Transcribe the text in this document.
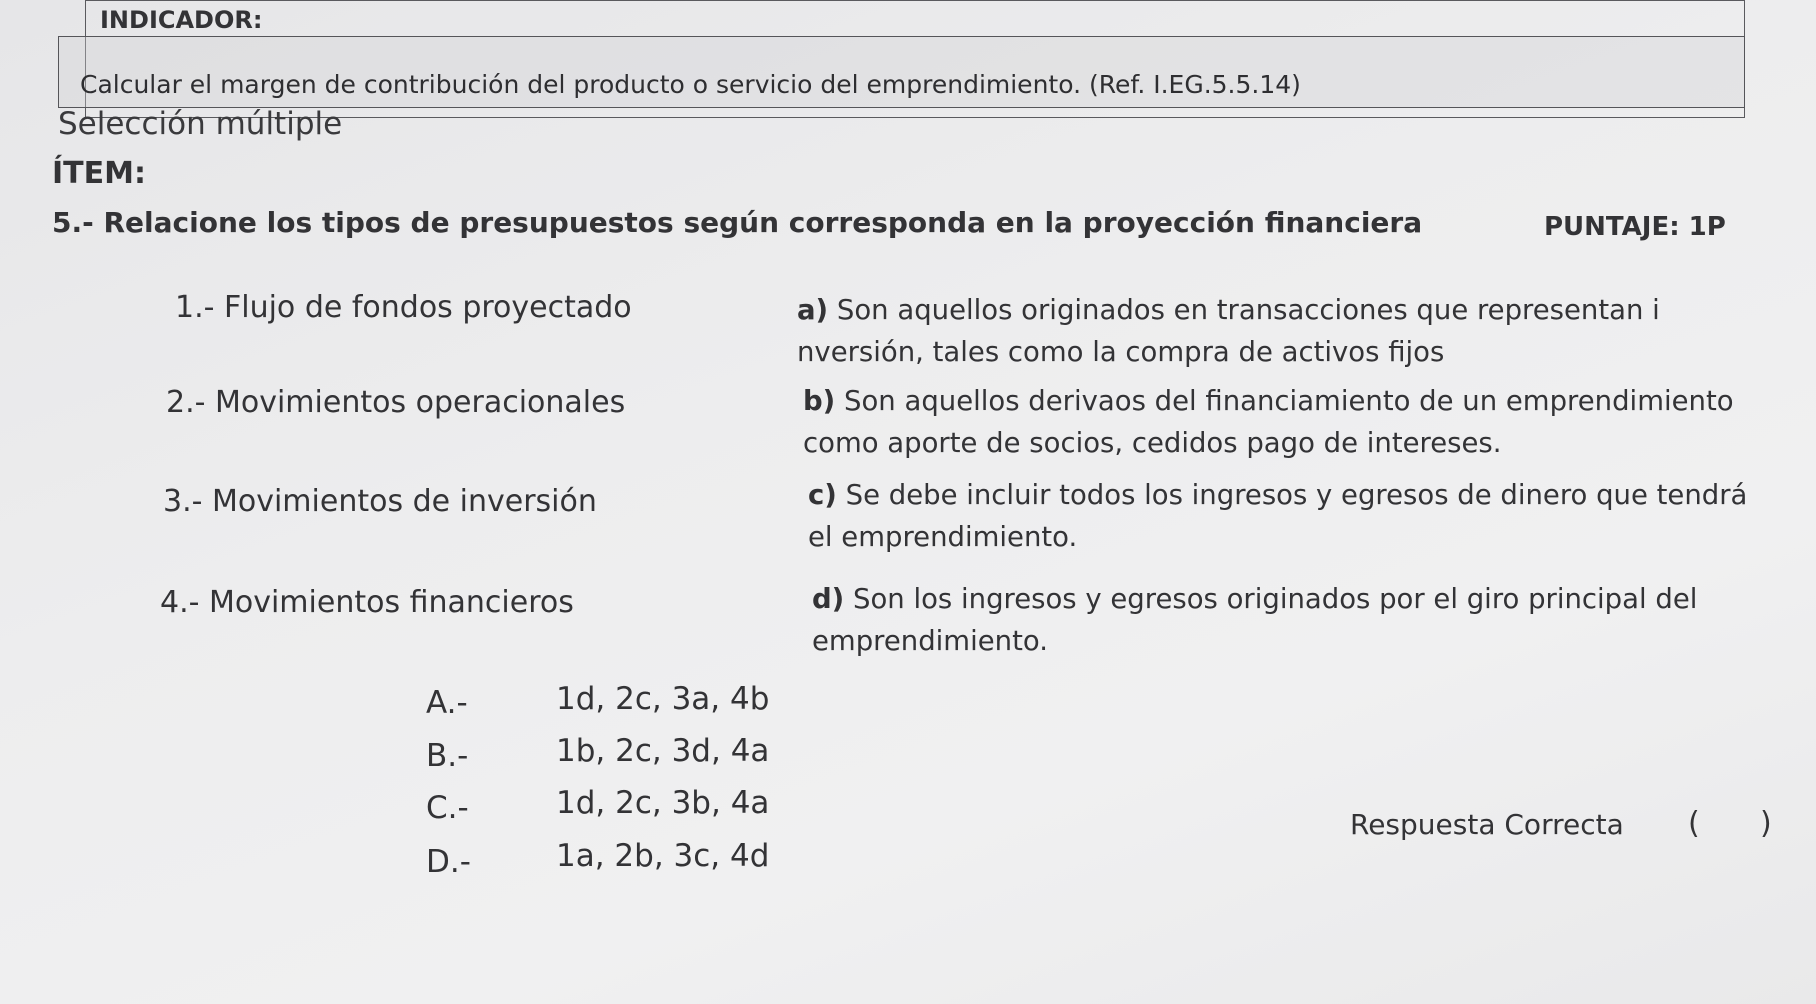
INDICADOR:
Calcular el margen de contribución del producto o servicio del emprendimiento. (Ref. I.EG.5.5.14)
Selección múltiple
ÍTEM:
5.- Relacione los tipos de presupuestos según corresponda en la proyección financiera	PUNTAJE: 1P
1.- Flujo de fondos proyectado
2.- Movimientos operacionales
3.- Movimientos de inversión
4.- Movimientos financieros
a) Son aquellos originados en transacciones que representan i
nversión, tales como la compra de activos fijos
b) Son aquellos derivaos del financiamiento de un emprendimiento
como aporte de socios, cedidos pago de intereses.
c) Se debe incluir todos los ingresos y egresos de dinero que tendrá
el emprendimiento.
d) Son los ingresos y egresos originados por el giro principal del
emprendimiento.
A.-	1d, 2c, 3a, 4b
B.-	1b, 2c, 3d, 4a
C.-	1d, 2c, 3b, 4a
D.-	1a, 2b, 3c, 4d
Respuesta Correcta ( )
